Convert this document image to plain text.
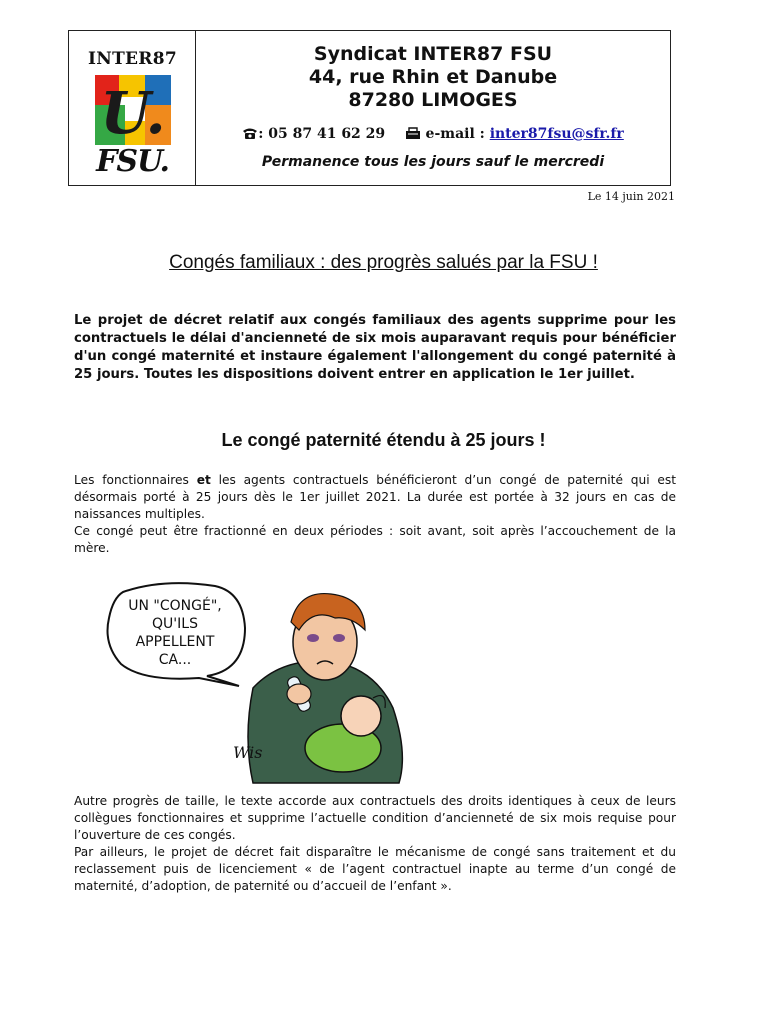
INTER87
U.
FSU.
Syndicat INTER87 FSU
44, rue Rhin et Danube
87280 LIMOGES
: 05 87 41 62 29	e-mail : inter87fsu@sfr.fr
Permanence tous les jours sauf le mercredi
Le 14 juin 2021
Congés familiaux : des progrès salués par la FSU !
Le projet de décret relatif aux congés familiaux des agents supprime pour les contractuels le délai d'ancienneté de six mois auparavant requis pour bénéficier d'un congé maternité et instaure également l'allongement du congé paternité à 25 jours. Toutes les dispositions doivent entrer en application le 1er juillet.
Le congé paternité étendu à 25 jours !

Les fonctionnaires et les agents contractuels bénéficieront d’un congé de paternité qui est désormais porté à 25 jours dès le 1er juillet 2021. La durée est portée à 32 jours en cas de naissances multiples.

Ce congé peut être fractionné en deux périodes : soit avant, soit après l’accouchement de la mère.

UN "CONGÉ",
QU'ILS
APPELLENT
CA...
Wis

Autre progrès de taille, le texte accorde aux contractuels des droits identiques à ceux de leurs collègues fonctionnaires et supprime l’actuelle condition d’ancienneté de six mois requise pour l’ouverture de ces congés.

Par ailleurs, le projet de décret fait disparaître le mécanisme de congé sans traitement et du reclassement puis de licenciement « de l’agent contractuel inapte au terme d’un congé de maternité, d’adoption, de paternité ou d’accueil de l’enfant ».
